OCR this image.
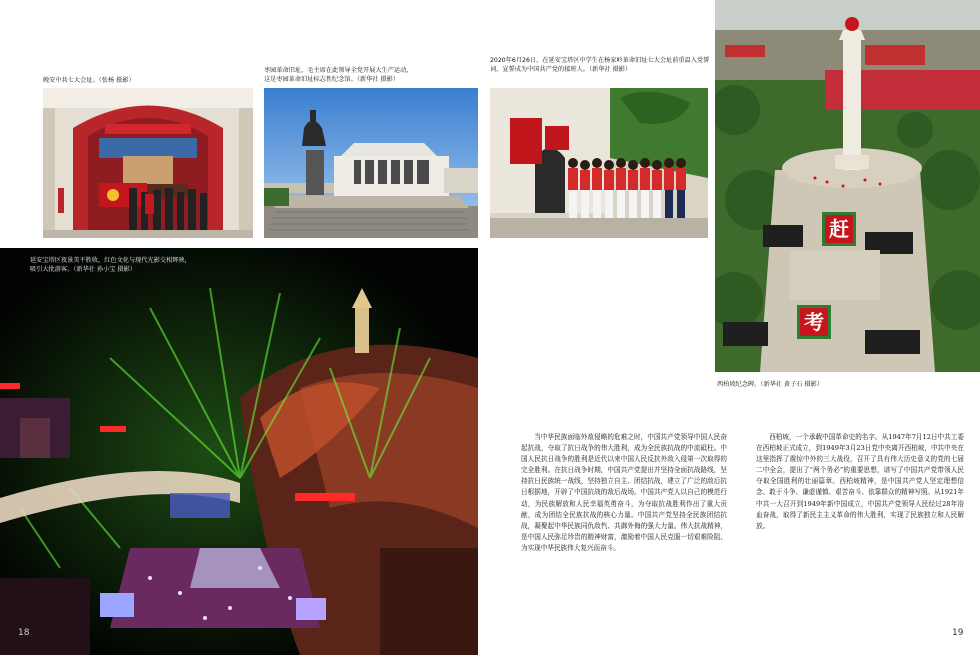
晚安中共七大会址。（张杨 摄影）
枣园革命旧址，毛主席在此领导全党开展大生产运动，
这是枣园革命旧址标志性纪念馆。（新华社 摄影）
延安宝塔区夜景美不胜收，红色文化与现代光影交相辉映，
吸引大批游客。（新华社 孙小宝 摄影）
18
2020年6月26日，在延安宝塔区中学生在杨家岭革命旧址七大会址前重温入党誓词，宣誓成为中国共产党的接班人。（新华社 摄影）
赶
考
西柏坡纪念碑。（新华社 黄子石 摄影）
当中华民族面临外敌侵略的危难之时，中国共产党领导中国人民奋起抗战，夺取了抗日战争的伟大胜利，成为全民族抗战的中流砥柱。中国人民抗日战争的胜利是近代以来中国人民反抗外敌入侵第一次取得的完全胜利。在抗日战争时期，中国共产党提出并坚持全面抗战路线，坚持抗日民族统一战线，坚持独立自主、团结抗战，建立了广泛的敌后抗日根据地，开辟了中国抗战的敌后战场。中国共产党人以自己的模范行动，为民族解放和人民幸福英勇奋斗，为夺取抗战胜利作出了重大贡献，成为团结全民族抗战的核心力量。中国共产党坚持全民族团结抗战，凝聚起中华民族同仇敌忾、共御外侮的强大力量。伟大抗战精神，是中国人民弥足珍贵的精神财富，激励着中国人民克服一切艰难险阻、为实现中华民族伟大复兴而奋斗。
西柏坡，一个承载中国革命史的名字。从1947年7月12日中共工委在西柏坡正式成立，到1949年3月23日党中央离开西柏坡，中共中央在这里指挥了震惊中外的三大战役，召开了具有伟大历史意义的党的七届二中全会，提出了“两个务必”的重要思想，谱写了中国共产党带领人民夺取全国胜利的壮丽篇章。西柏坡精神，是中国共产党人坚定理想信念、敢于斗争、谦虚谨慎、艰苦奋斗、依靠群众的精神写照。从1921年中共一大召开到1949年新中国成立，中国共产党领导人民经过28年浴血奋战，取得了新民主主义革命的伟大胜利，实现了民族独立和人民解放。
19
